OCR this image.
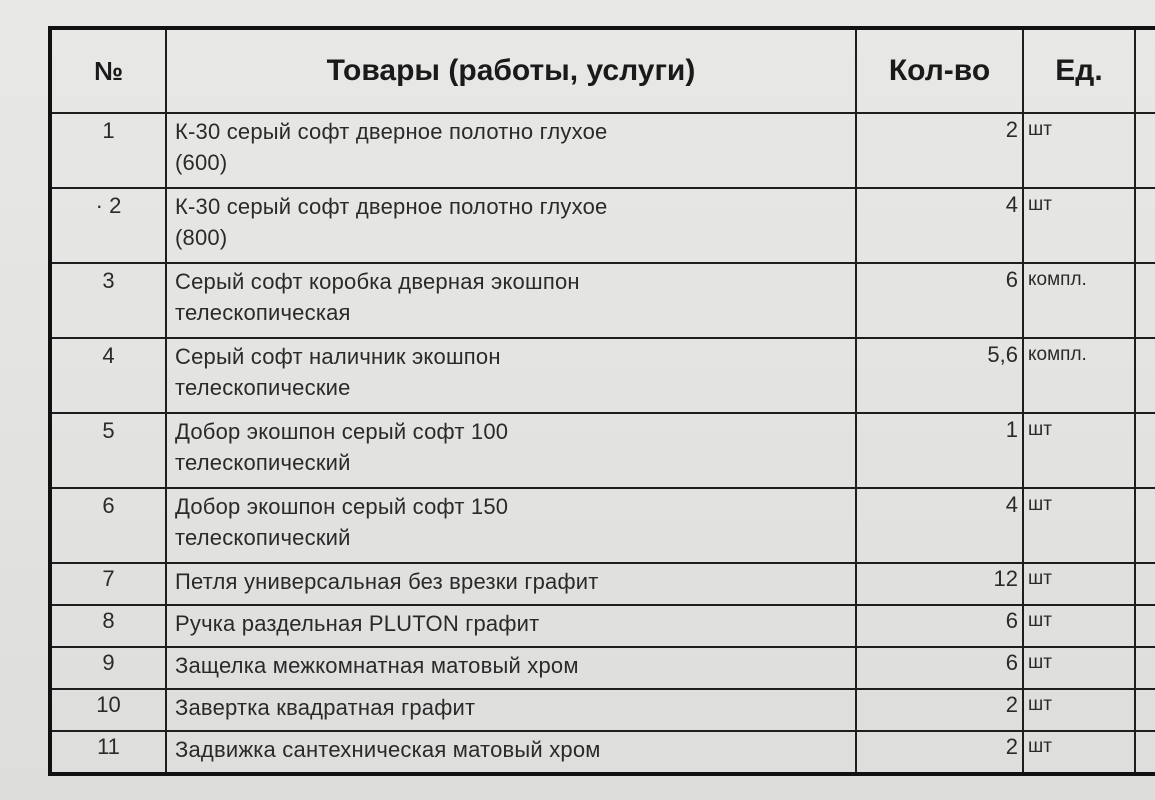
№	Товары (работы, услуги)	Кол-во	Ед.	
1	К-30 серый софт дверное полотно глухое
(600)	2	шт	
· 2	К-30 серый софт дверное полотно глухое
(800)	4	шт	
3	Серый софт коробка дверная экошпон
телескопическая	6	компл.	
4	Серый софт наличник экошпон
телескопические	5,6	компл.	
5	Добор экошпон серый софт 100
телескопический	1	шт	
6	Добор экошпон серый софт 150
телескопический	4	шт	
7	Петля универсальная без врезки графит	12	шт	
8	Ручка раздельная PLUTON графит	6	шт	
9	Защелка межкомнатная матовый хром	6	шт	
10	Завертка квадратная графит	2	шт	
11	Задвижка сантехническая матовый хром	2	шт	
